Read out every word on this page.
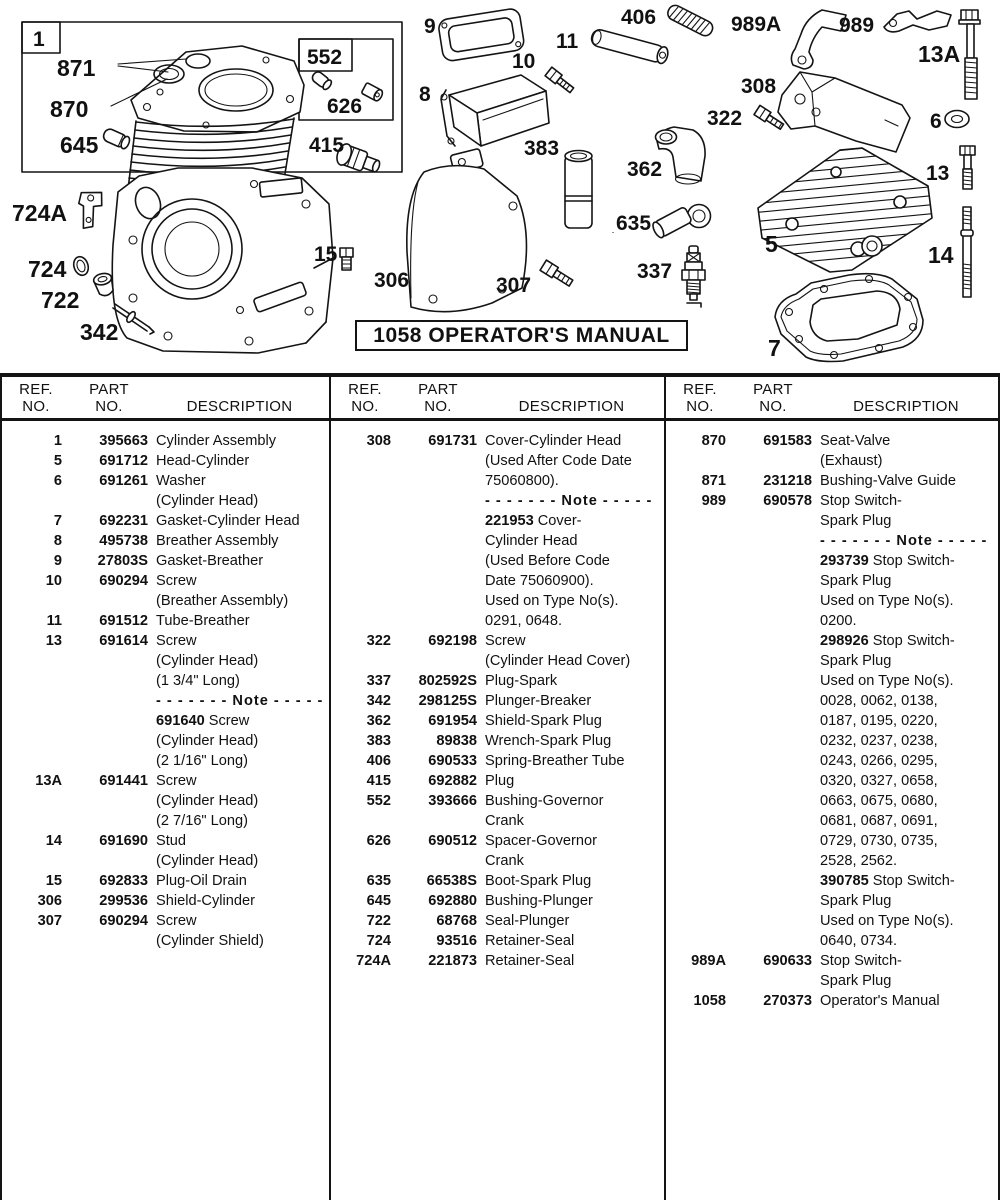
1
871
870
645
724A
724
722
342
552
626
415
15
9
10
8
11
383
306	307
362
635
337
406	989A	989
308
322
13A
6
13
5	14
7
1058 OPERATOR'S MANUAL
REF.
NO.
PART
NO.	DESCRIPTION
1	395663 Cylinder Assembly
5	691712 Head-Cylinder
6	691261 Washer
(Cylinder Head)
7	692231 Gasket-Cylinder Head
8	495738 Breather Assembly
9	27803S Gasket-Breather
10	690294 Screw
(Breather Assembly)
11	691512 Tube-Breather
13	691614 Screw
(Cylinder Head)
(1 3/4" Long)
- - - - - - - Note - - - - -
691640 Screw
(Cylinder Head)
(2 1/16" Long)
13A	691441 Screw
(Cylinder Head)
(2 7/16" Long)
14	691690 Stud
(Cylinder Head)
15	692833 Plug-Oil Drain
306	299536 Shield-Cylinder
307	690294 Screw
(Cylinder Shield)
REF.
NO.
PART
NO.	DESCRIPTION
308	691731 Cover-Cylinder Head
(Used After Code Date
75060800).
- - - - - - - Note - - - - -
221953 Cover-
Cylinder Head
(Used Before Code
Date 75060900).
Used on Type No(s).
0291, 0648.
322	692198 Screw
(Cylinder Head Cover)
337	802592S Plug-Spark
342	298125S Plunger-Breaker
362	691954 Shield-Spark Plug
383	89838 Wrench-Spark Plug
406	690533 Spring-Breather Tube
415	692882 Plug
552	393666 Bushing-Governor
Crank
626	690512 Spacer-Governor
Crank
635	66538S Boot-Spark Plug
645	692880 Bushing-Plunger
722	68768 Seal-Plunger
724	93516 Retainer-Seal
724A	221873 Retainer-Seal
REF.
NO.
PART
NO.	DESCRIPTION
870	691583 Seat-Valve
(Exhaust)
871	231218 Bushing-Valve Guide
989	690578 Stop Switch-
Spark Plug
- - - - - - - Note - - - - -
293739 Stop Switch-
Spark Plug
Used on Type No(s).
0200.
298926 Stop Switch-
Spark Plug
Used on Type No(s).
0028, 0062, 0138,
0187, 0195, 0220,
0232, 0237, 0238,
0243, 0266, 0295,
0320, 0327, 0658,
0663, 0675, 0680,
0681, 0687, 0691,
0729, 0730, 0735,
2528, 2562.
390785 Stop Switch-
Spark Plug
Used on Type No(s).
0640, 0734.
989A	690633 Stop Switch-
Spark Plug
1058	270373 Operator's Manual
